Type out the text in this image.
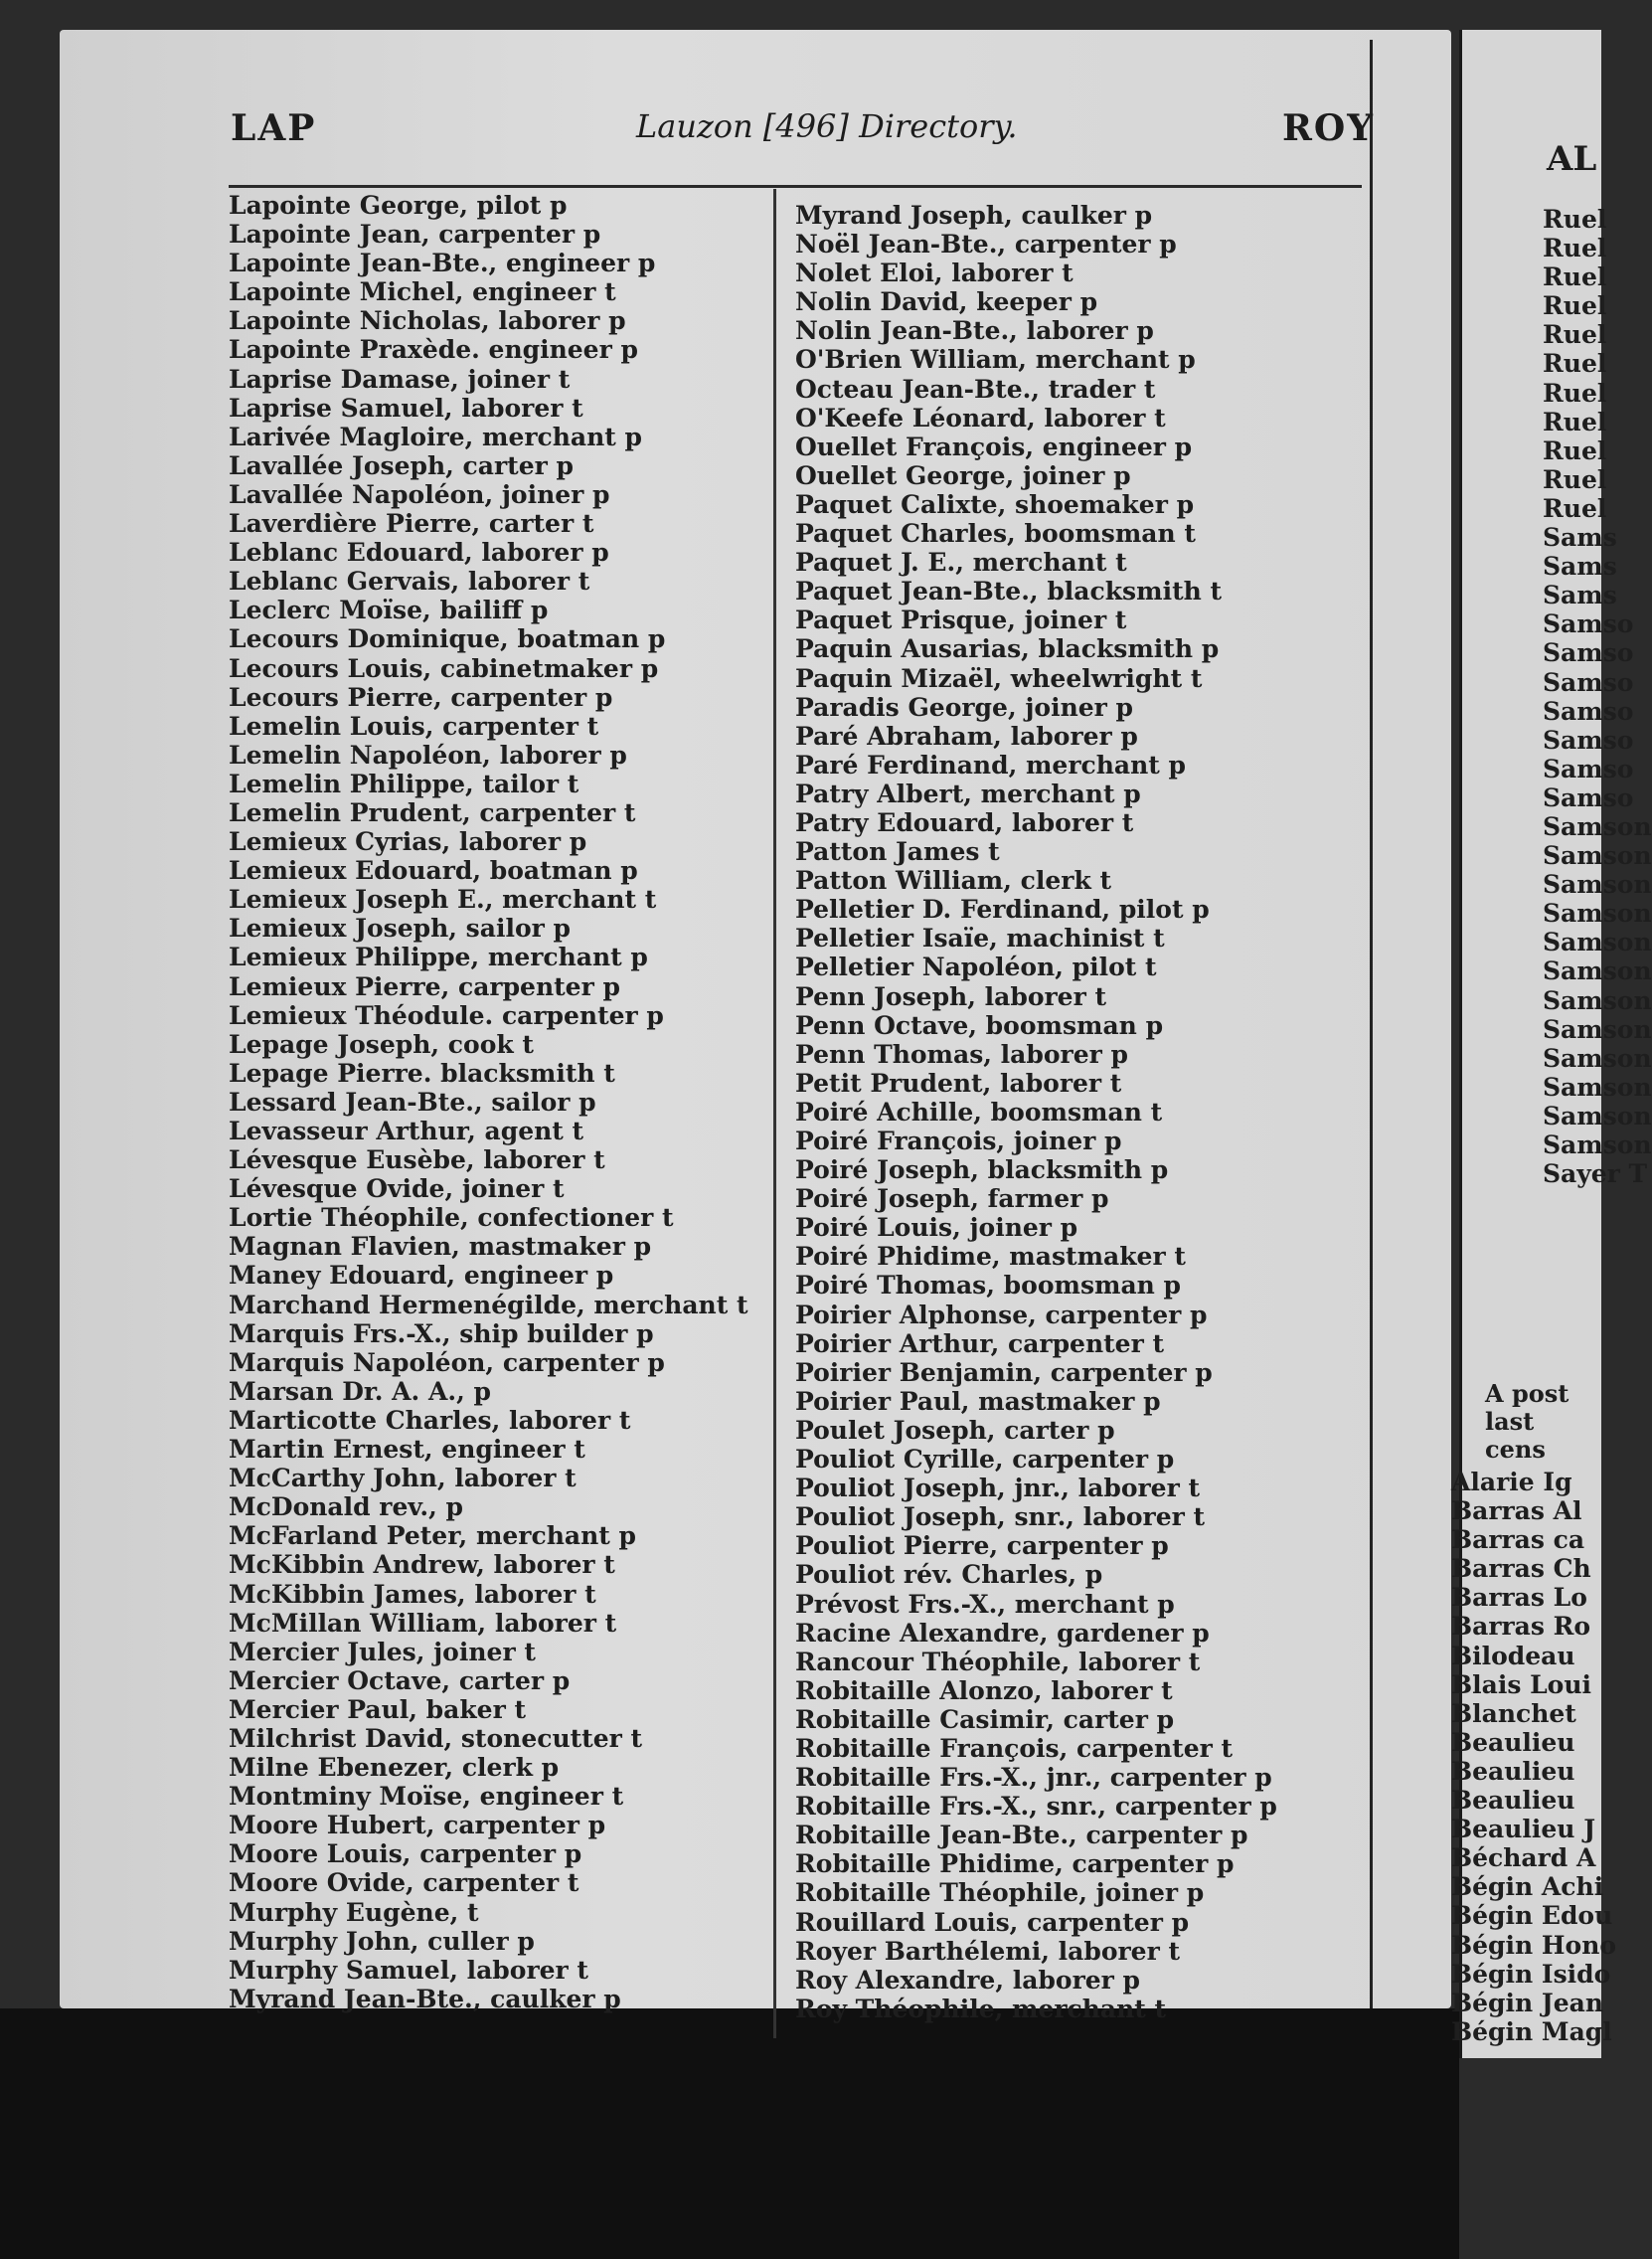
LAP	Lauzon [496] Directory.	ROY
Lapointe George, pilot p
Lapointe Jean, carpenter p
Lapointe Jean-Bte., engineer p
Lapointe Michel, engineer t
Lapointe Nicholas, laborer p
Lapointe Praxède. engineer p
Laprise Damase, joiner t
Laprise Samuel, laborer t
Larivée Magloire, merchant p
Lavallée Joseph, carter p
Lavallée Napoléon, joiner p
Laverdière Pierre, carter t
Leblanc Edouard, laborer p
Leblanc Gervais, laborer t
Leclerc Moïse, bailiff p
Lecours Dominique, boatman p
Lecours Louis, cabinetmaker p
Lecours Pierre, carpenter p
Lemelin Louis, carpenter t
Lemelin Napoléon, laborer p
Lemelin Philippe, tailor t
Lemelin Prudent, carpenter t
Lemieux Cyrias, laborer p
Lemieux Edouard, boatman p
Lemieux Joseph E., merchant t
Lemieux Joseph, sailor p
Lemieux Philippe, merchant p
Lemieux Pierre, carpenter p
Lemieux Théodule. carpenter p
Lepage Joseph, cook t
Lepage Pierre. blacksmith t
Lessard Jean-Bte., sailor p
Levasseur Arthur, agent t
Lévesque Eusèbe, laborer t
Lévesque Ovide, joiner t
Lortie Théophile, confectioner t
Magnan Flavien, mastmaker p
Maney Edouard, engineer p
Marchand Hermenégilde, merchant t
Marquis Frs.-X., ship builder p
Marquis Napoléon, carpenter p
Marsan Dr. A. A., p
Marticotte Charles, laborer t
Martin Ernest, engineer t
McCarthy John, laborer t
McDonald rev., p
McFarland Peter, merchant p
McKibbin Andrew, laborer t
McKibbin James, laborer t
McMillan William, laborer t
Mercier Jules, joiner t
Mercier Octave, carter p
Mercier Paul, baker t
Milchrist David, stonecutter t
Milne Ebenezer, clerk p
Montminy Moïse, engineer t
Moore Hubert, carpenter p
Moore Louis, carpenter p
Moore Ovide, carpenter t
Murphy Eugène, t
Murphy John, culler p
Murphy Samuel, laborer t
Myrand Jean-Bte., caulker p
Myrand Joseph, caulker p
Noël Jean-Bte., carpenter p
Nolet Eloi, laborer t
Nolin David, keeper p
Nolin Jean-Bte., laborer p
O'Brien William, merchant p
Octeau Jean-Bte., trader t
O'Keefe Léonard, laborer t
Ouellet François, engineer p
Ouellet George, joiner p
Paquet Calixte, shoemaker p
Paquet Charles, boomsman t
Paquet J. E., merchant t
Paquet Jean-Bte., blacksmith t
Paquet Prisque, joiner t
Paquin Ausarias, blacksmith p
Paquin Mizaël, wheelwright t
Paradis George, joiner p
Paré Abraham, laborer p
Paré Ferdinand, merchant p
Patry Albert, merchant p
Patry Edouard, laborer t
Patton James t
Patton William, clerk t
Pelletier D. Ferdinand, pilot p
Pelletier Isaïe, machinist t
Pelletier Napoléon, pilot t
Penn Joseph, laborer t
Penn Octave, boomsman p
Penn Thomas, laborer p
Petit Prudent, laborer t
Poiré Achille, boomsman t
Poiré François, joiner p
Poiré Joseph, blacksmith p
Poiré Joseph, farmer p
Poiré Louis, joiner p
Poiré Phidime, mastmaker t
Poiré Thomas, boomsman p
Poirier Alphonse, carpenter p
Poirier Arthur, carpenter t
Poirier Benjamin, carpenter p
Poirier Paul, mastmaker p
Poulet Joseph, carter p
Pouliot Cyrille, carpenter p
Pouliot Joseph, jnr., laborer t
Pouliot Joseph, snr., laborer t
Pouliot Pierre, carpenter p
Pouliot rév. Charles, p
Prévost Frs.-X., merchant p
Racine Alexandre, gardener p
Rancour Théophile, laborer t
Robitaille Alonzo, laborer t
Robitaille Casimir, carter p
Robitaille François, carpenter t
Robitaille Frs.-X., jnr., carpenter p
Robitaille Frs.-X., snr., carpenter p
Robitaille Jean-Bte., carpenter p
Robitaille Phidime, carpenter p
Robitaille Théophile, joiner p
Rouillard Louis, carpenter p
Royer Barthélemi, laborer t
Roy Alexandre, laborer p
Roy Théophile, merchant t
AL
Ruel
Ruel
Ruel
Ruel
Ruel
Ruel
Ruel
Ruel
Ruel
Ruel
Ruel
Sams
Sams
Sams
Samso
Samso
Samso
Samso
Samso
Samso
Samso
Samson
Samson
Samson
Samson
Samson
Samson
Samson
Samson
Samson
Samson
Samson
Samson
Sayer T
A post
last cens
Alarie Ig
Barras Al
Barras ca
Barras Ch
Barras Lo
Barras Ro
Bilodeau
Blais Loui
Blanchet
Beaulieu
Beaulieu
Beaulieu
Beaulieu J
Béchard A
Bégin Achi
Bégin Edou
Bégin Hono
Bégin Isido
Bégin Jean
Bégin Magl
